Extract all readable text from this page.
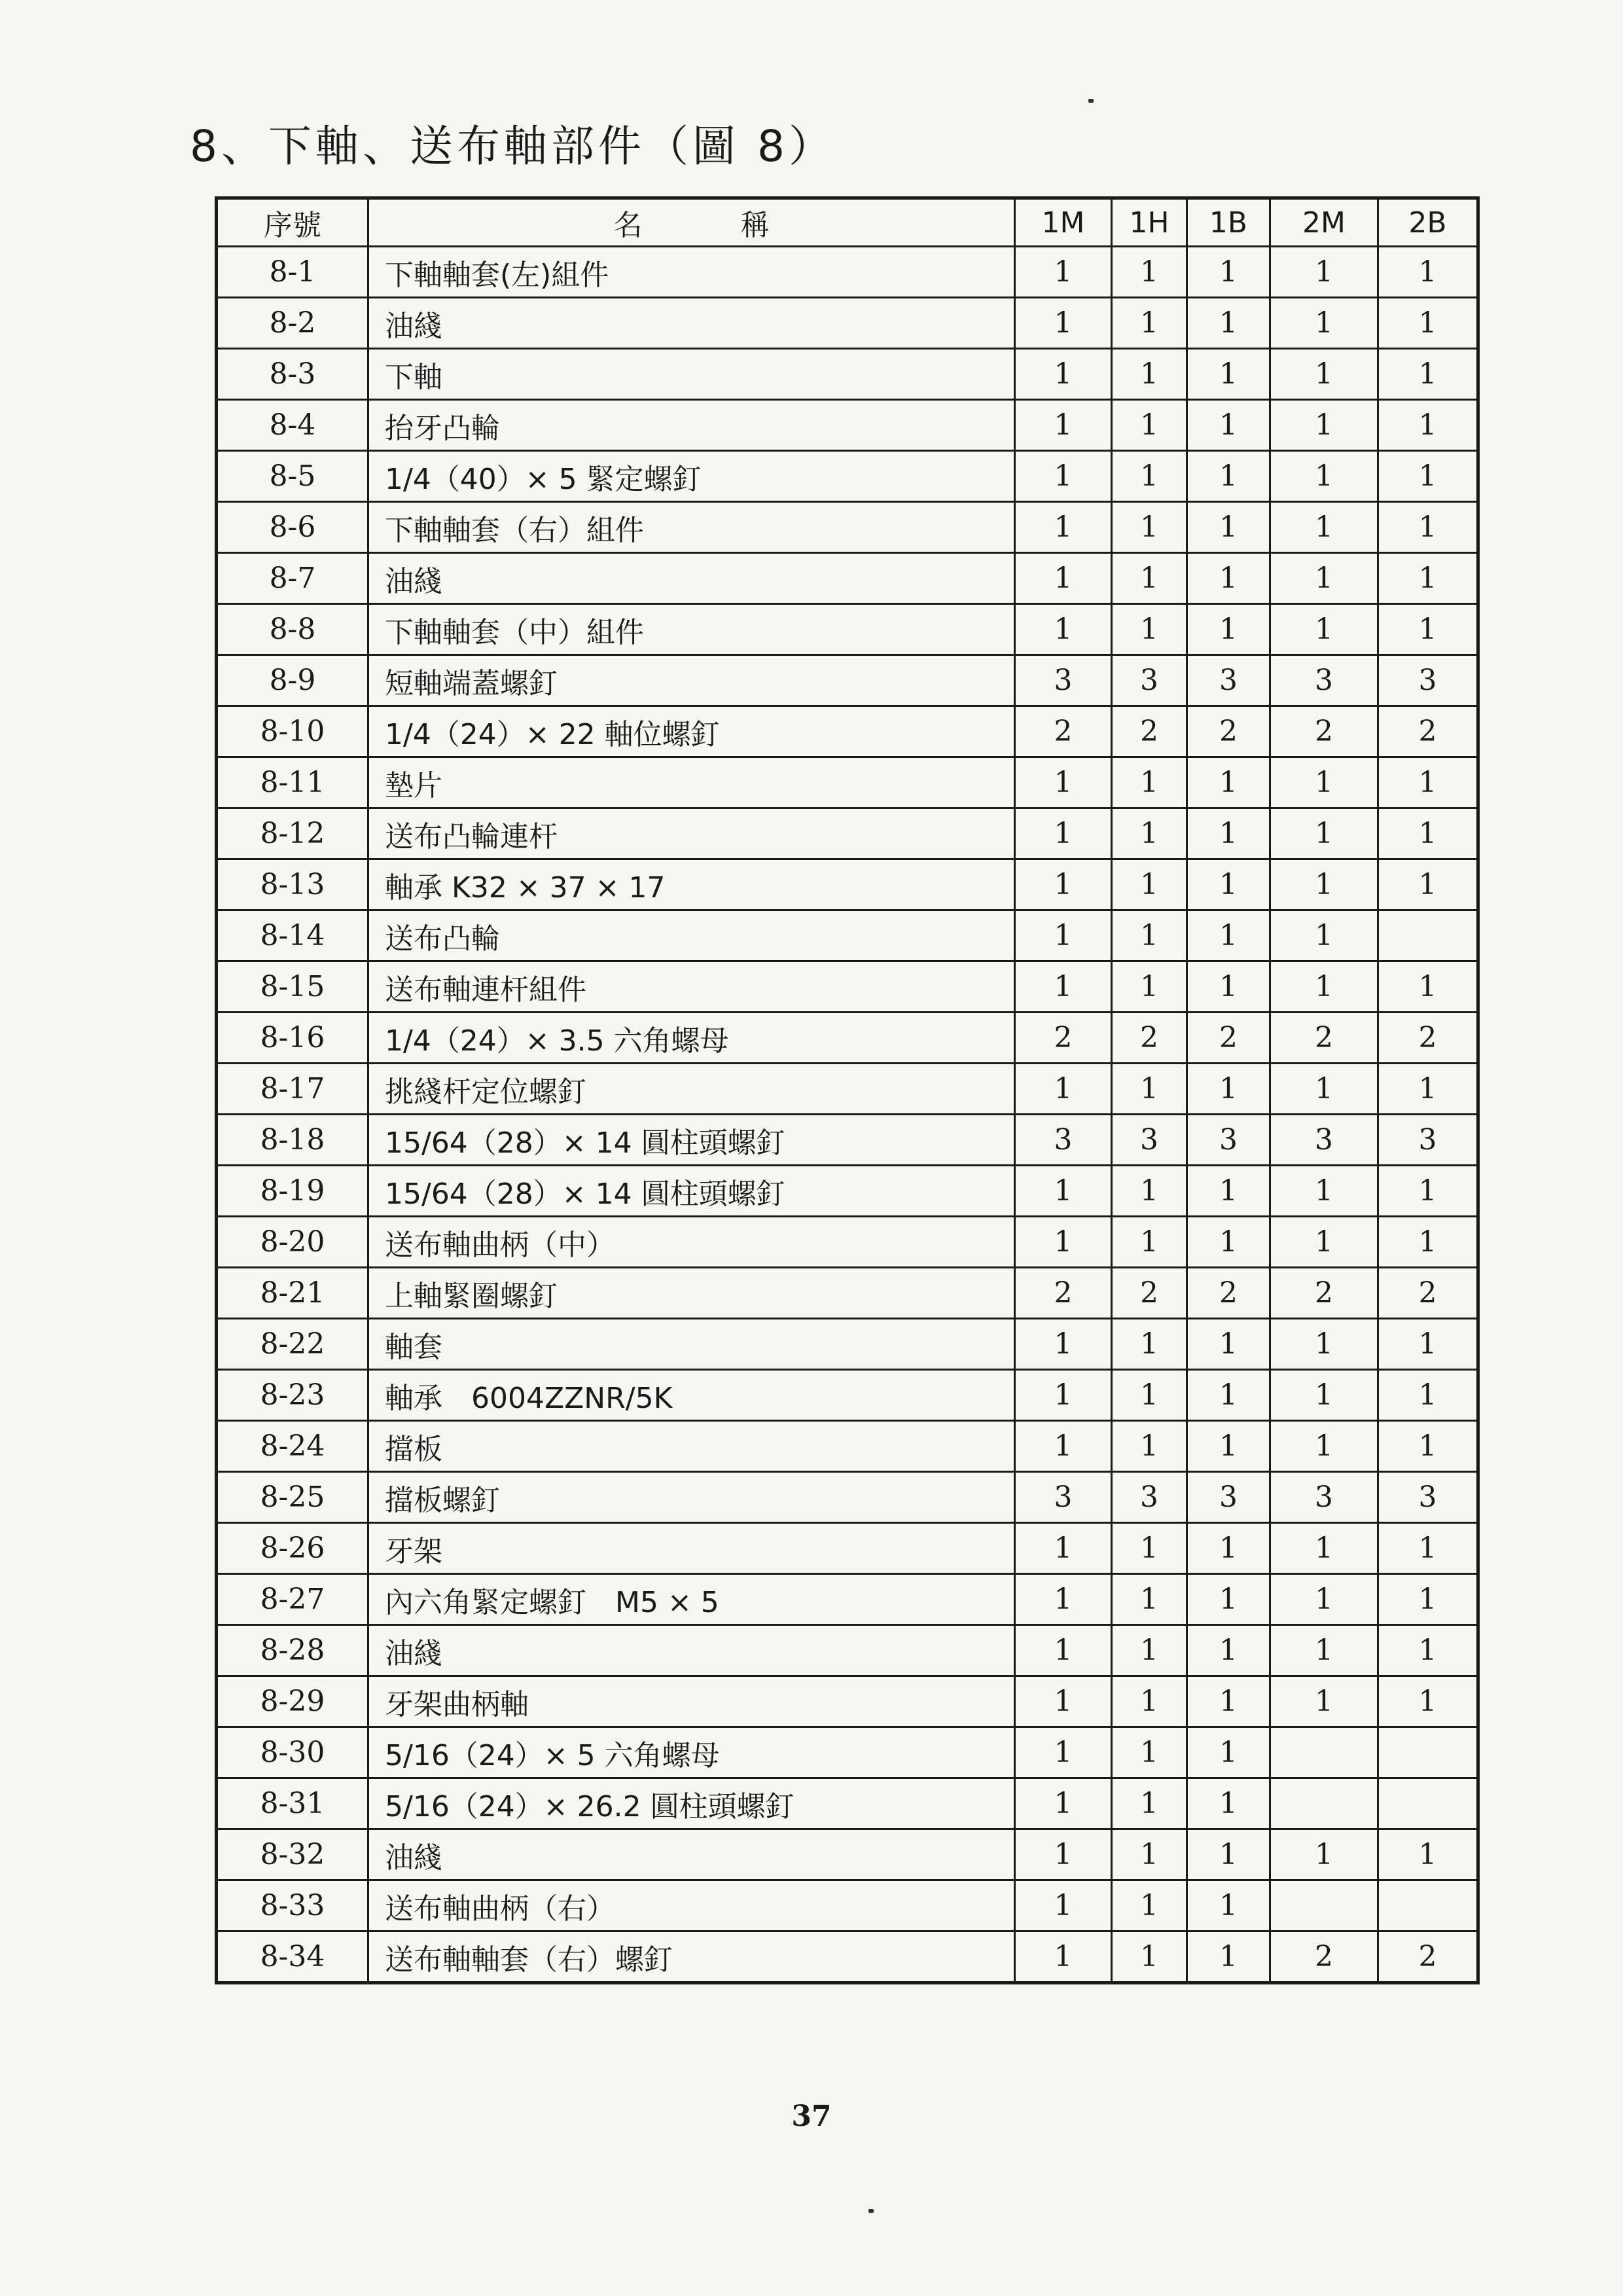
8、下軸、送布軸部件（圖 8）
序號	名稱	1M	1H	1B	2M	2B
8-1	下軸軸套(左)組件	1	1	1	1	1
8-2	油綫	1	1	1	1	1
8-3	下軸	1	1	1	1	1
8-4	抬牙凸輪	1	1	1	1	1
8-5	1/4（40）× 5 緊定螺釘	1	1	1	1	1
8-6	下軸軸套（右）組件	1	1	1	1	1
8-7	油綫	1	1	1	1	1
8-8	下軸軸套（中）組件	1	1	1	1	1
8-9	短軸端蓋螺釘	3	3	3	3	3
8-10	1/4（24）× 22 軸位螺釘	2	2	2	2	2
8-11	墊片	1	1	1	1	1
8-12	送布凸輪連杆	1	1	1	1	1
8-13	軸承 K32 × 37 × 17	1	1	1	1	1
8-14	送布凸輪	1	1	1	1	
8-15	送布軸連杆組件	1	1	1	1	1
8-16	1/4（24）× 3.5 六角螺母	2	2	2	2	2
8-17	挑綫杆定位螺釘	1	1	1	1	1
8-18	15/64（28）× 14 圓柱頭螺釘	3	3	3	3	3
8-19	15/64（28）× 14 圓柱頭螺釘	1	1	1	1	1
8-20	送布軸曲柄（中）	1	1	1	1	1
8-21	上軸緊圈螺釘	2	2	2	2	2
8-22	軸套	1	1	1	1	1
8-23	軸承　6004ZZNR/5K	1	1	1	1	1
8-24	擋板	1	1	1	1	1
8-25	擋板螺釘	3	3	3	3	3
8-26	牙架	1	1	1	1	1
8-27	內六角緊定螺釘　M5 × 5	1	1	1	1	1
8-28	油綫	1	1	1	1	1
8-29	牙架曲柄軸	1	1	1	1	1
8-30	5/16（24）× 5 六角螺母	1	1	1		
8-31	5/16（24）× 26.2 圓柱頭螺釘	1	1	1		
8-32	油綫	1	1	1	1	1
8-33	送布軸曲柄（右）	1	1	1		
8-34	送布軸軸套（右）螺釘	1	1	1	2	2
37
